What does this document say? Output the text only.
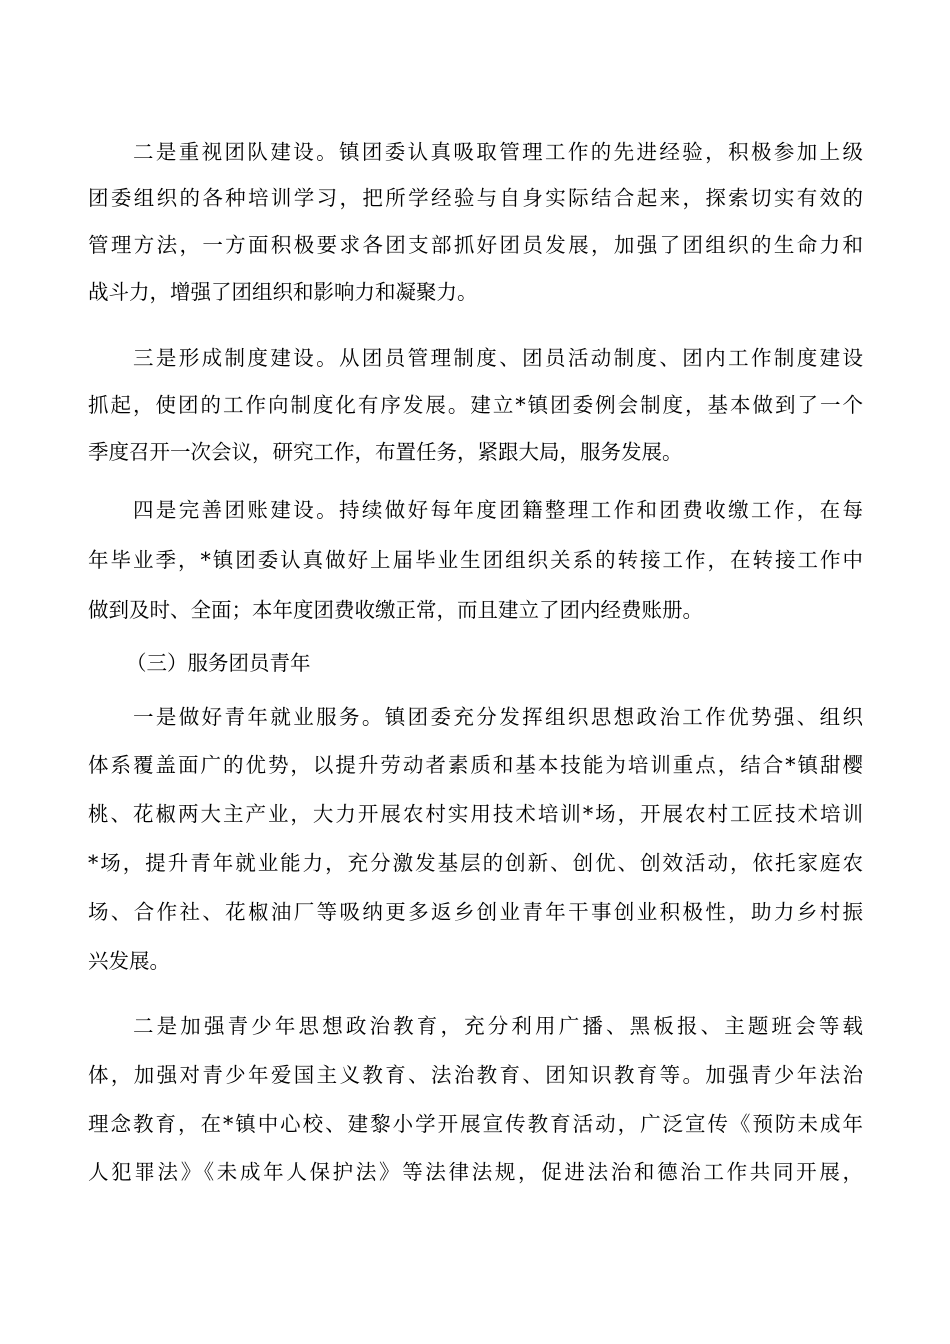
二是重视团队建设。镇团委认真吸取管理工作的先进经验，积极参加上级
团委组织的各种培训学习，把所学经验与自身实际结合起来，探索切实有效的
管理方法，一方面积极要求各团支部抓好团员发展，加强了团组织的生命力和
战斗力，增强了团组织和影响力和凝聚力。
三是形成制度建设。从团员管理制度、团员活动制度、团内工作制度建设
抓起，使团的工作向制度化有序发展。建立*镇团委例会制度，基本做到了一个
季度召开一次会议，研究工作，布置任务，紧跟大局，服务发展。
四是完善团账建设。持续做好每年度团籍整理工作和团费收缴工作，在每
年毕业季，*镇团委认真做好上届毕业生团组织关系的转接工作，在转接工作中
做到及时、全面；本年度团费收缴正常，而且建立了团内经费账册。
（三）服务团员青年
一是做好青年就业服务。镇团委充分发挥组织思想政治工作优势强、组织
体系覆盖面广的优势，以提升劳动者素质和基本技能为培训重点，结合*镇甜樱
桃、花椒两大主产业，大力开展农村实用技术培训*场，开展农村工匠技术培训
*场，提升青年就业能力，充分激发基层的创新、创优、创效活动，依托家庭农
场、合作社、花椒油厂等吸纳更多返乡创业青年干事创业积极性，助力乡村振
兴发展。
二是加强青少年思想政治教育，充分利用广播、黑板报、主题班会等载
体，加强对青少年爱国主义教育、法治教育、团知识教育等。加强青少年法治
理念教育，在*镇中心校、建黎小学开展宣传教育活动，广泛宣传《预防未成年
人犯罪法》《未成年人保护法》等法律法规，促进法治和德治工作共同开展，
